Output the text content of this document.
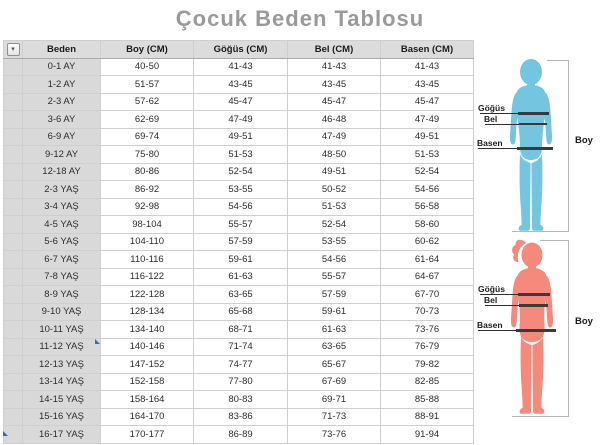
Çocuk Beden Tablosu
▾	Beden	Boy (CM)	Göğüs (CM)	Bel (CM)	Basen (CM)
	0-1 AY	40-50	41-43	41-43	41-43
	1-2 AY	51-57	43-45	43-45	43-45
	2-3 AY	57-62	45-47	45-47	45-47
	3-6 AY	62-69	47-49	46-48	47-49
	6-9 AY	69-74	49-51	47-49	49-51
	9-12 AY	75-80	51-53	48-50	51-53
	12-18 AY	80-86	52-54	49-51	52-54
	2-3 YAŞ	86-92	53-55	50-52	54-56
	3-4 YAŞ	92-98	54-56	51-53	56-58
	4-5 YAŞ	98-104	55-57	52-54	58-60
	5-6 YAŞ	104-110	57-59	53-55	60-62
	6-7 YAŞ	110-116	59-61	54-56	61-64
	7-8 YAŞ	116-122	61-63	55-57	64-67
	8-9 YAŞ	122-128	63-65	57-59	67-70
	9-10 YAŞ	128-134	65-68	59-61	70-73
	10-11 YAŞ	134-140	68-71	61-63	73-76
	11-12 YAŞ	140-146	71-74	63-65	76-79
	12-13 YAŞ	147-152	74-77	65-67	79-82
	13-14 YAŞ	152-158	77-80	67-69	82-85
	14-15 YAŞ	158-164	80-83	69-71	85-88
	15-16 YAŞ	164-170	83-86	71-73	88-91
	16-17 YAŞ	170-177	86-89	73-76	91-94
Göğüs
Bel
Basen	Boy
Göğüs
Bel
Basen	Boy
